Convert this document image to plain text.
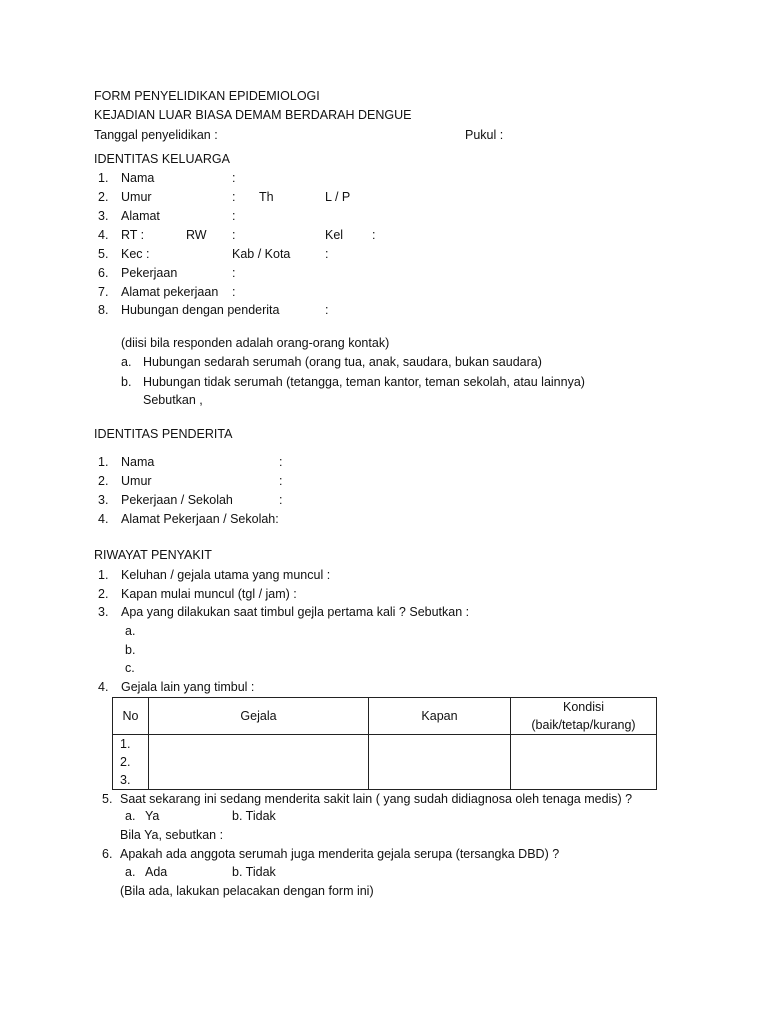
FORM PENYELIDIKAN EPIDEMIOLOGI
KEJADIAN LUAR BIASA DEMAM BERDARAH DENGUE
Tanggal penyelidikan :	Pukul :
IDENTITAS KELUARGA
1. Nama	:
2. Umur	: Th	L / P
3. Alamat	:
4. RT :	RW :	Kel :
5. Kec :	Kab / Kota	:
6. Pekerjaan	:
7. Alamat pekerjaan :
8. Hubungan dengan penderita	:
(diisi bila responden adalah orang-orang kontak)
a. Hubungan sedarah serumah (orang tua, anak, saudara, bukan saudara)
b. Hubungan tidak serumah (tetangga, teman kantor, teman sekolah, atau lainnya)
Sebutkan ,
IDENTITAS PENDERITA
1. Nama	:
2. Umur	:
3. Pekerjaan / Sekolah	:
4. Alamat Pekerjaan / Sekolah:
RIWAYAT PENYAKIT
1. Keluhan / gejala utama yang muncul :
2. Kapan mulai muncul (tgl / jam) :
3. Apa yang dilakukan saat timbul gejla pertama kali ? Sebutkan :
a.
b.
c.
4. Gejala lain yang timbul :
No	Gejala	Kapan	Kondisi
(baik/tetap/kurang)

1.
2.
3.			

5. Saat sekarang ini sedang menderita sakit lain ( yang sudah didiagnosa oleh tenaga medis) ?
a. Ya	b. Tidak
Bila Ya, sebutkan :
6. Apakah ada anggota serumah juga menderita gejala serupa (tersangka DBD) ?
a. Ada	b. Tidak
(Bila ada, lakukan pelacakan dengan form ini)
